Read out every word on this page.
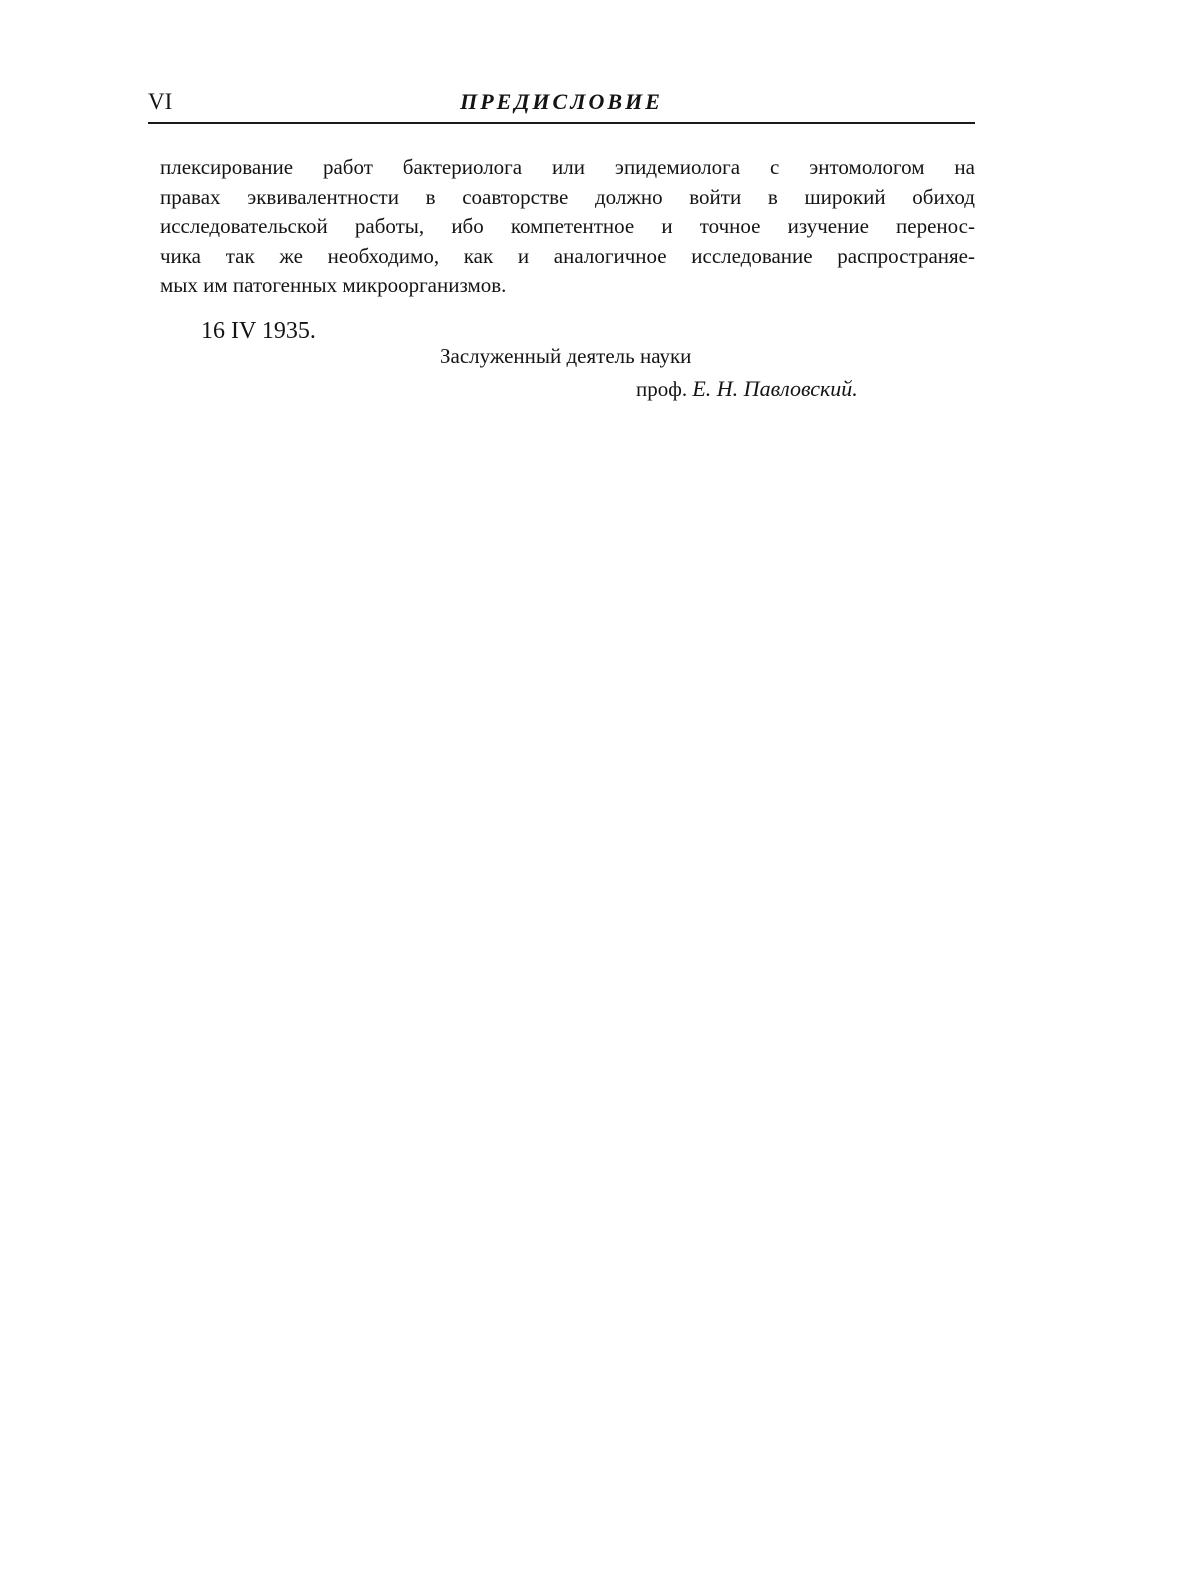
VI	ПРЕДИСЛОВИЕ
плексирование работ бактериолога или эпидемиолога с энтомологом на
правах эквивалентности в соавторстве должно войти в широкий обиход
исследовательской работы, ибо компетентное и точное изучение перенос-
чика так же необходимо, как и аналогичное исследование распространяе-
мых им патогенных микроорганизмов.
16 IV 1935.
Заслуженный деятель науки
проф. Е. Н. Павловский.
